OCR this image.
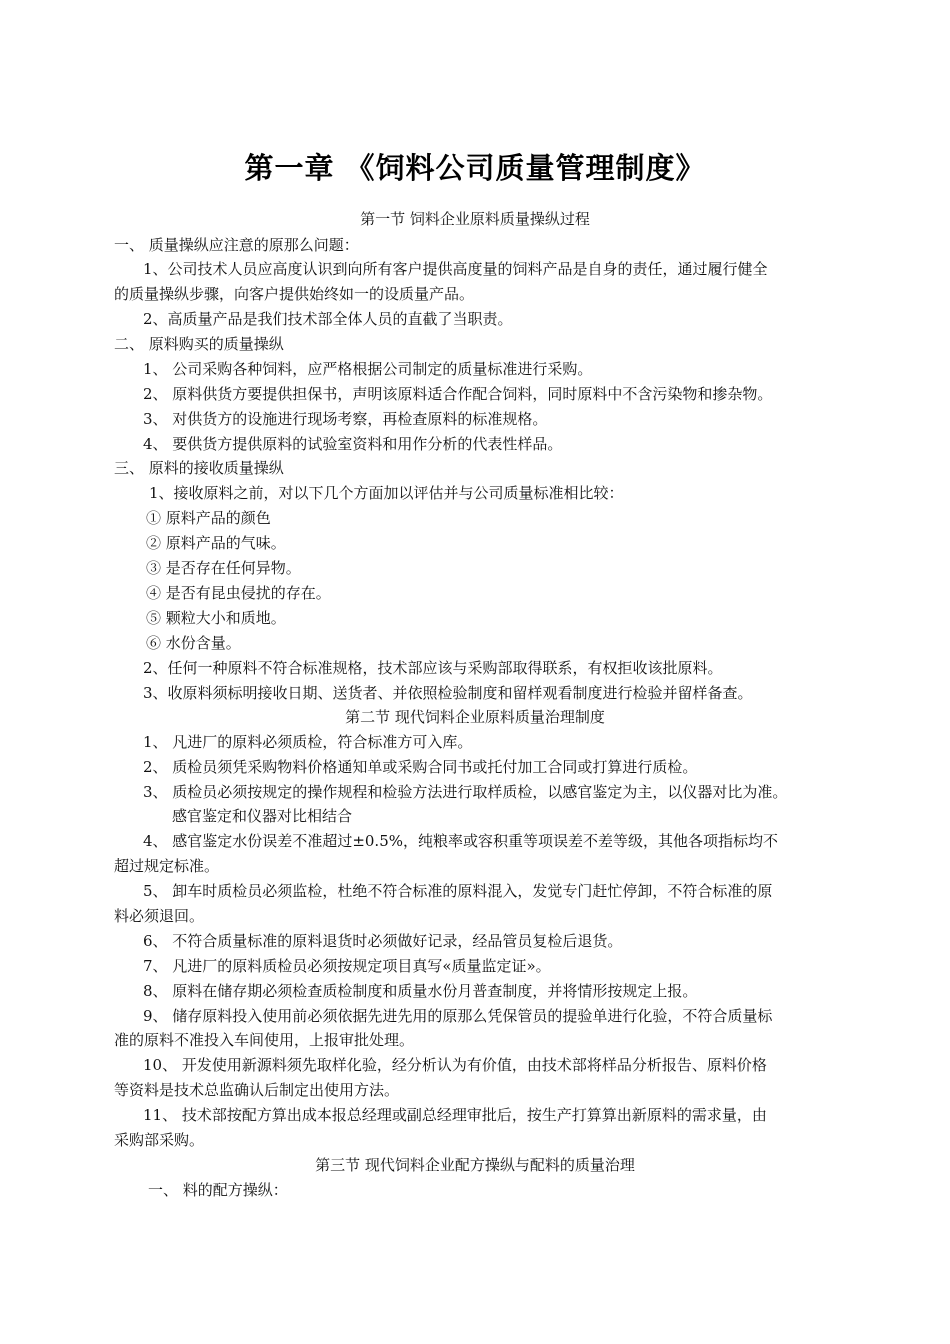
第一章 《饲料公司质量管理制度》
第一节 饲料企业原料质量操纵过程
一、 质量操纵应注意的原那么问题：
1、公司技术人员应高度认识到向所有客户提供高度量的饲料产品是自身的责任，通过履行健全
的质量操纵步骤，向客户提供始终如一的设质量产品。
2、高质量产品是我们技术部全体人员的直截了当职责。
二、 原料购买的质量操纵
1、 公司采购各种饲料，应严格根据公司制定的质量标准进行采购。
2、 原料供货方要提供担保书，声明该原料适合作配合饲料，同时原料中不含污染物和掺杂物。
3、 对供货方的设施进行现场考察，再检查原料的标准规格。
4、 要供货方提供原料的试验室资料和用作分析的代表性样品。
三、 原料的接收质量操纵
1、接收原料之前，对以下几个方面加以评估并与公司质量标准相比较：
① 原料产品的颜色
② 原料产品的气味。
③ 是否存在任何异物。
④ 是否有昆虫侵扰的存在。
⑤ 颗粒大小和质地。
⑥ 水份含量。
2、任何一种原料不符合标准规格，技术部应该与采购部取得联系，有权拒收该批原料。
3、收原料须标明接收日期、送货者、并依照检验制度和留样观看制度进行检验并留样备查。
第二节 现代饲料企业原料质量治理制度
1、 凡进厂的原料必须质检，符合标准方可入库。
2、 质检员须凭采购物料价格通知单或采购合同书或托付加工合同或打算进行质检。
3、 质检员必须按规定的操作规程和检验方法进行取样质检，以感官鉴定为主，以仪器对比为准。
感官鉴定和仪器对比相结合
4、 感官鉴定水份误差不准超过±0.5%，纯粮率或容积重等项误差不差等级，其他各项指标均不
超过规定标准。
5、 卸车时质检员必须监检，杜绝不符合标准的原料混入，发觉专门赶忙停卸，不符合标准的原
料必须退回。
6、 不符合质量标准的原料退货时必须做好记录，经品管员复检后退货。
7、 凡进厂的原料质检员必须按规定项目真写«质量监定证»。
8、 原料在储存期必须检查质检制度和质量水份月普查制度，并将情形按规定上报。
9、 储存原料投入使用前必须依据先进先用的原那么凭保管员的提验单进行化验，不符合质量标
准的原料不准投入车间使用，上报审批处理。
10、 开发使用新源料须先取样化验，经分析认为有价值，由技术部将样品分析报告、原料价格
等资料是技术总监确认后制定出使用方法。
11、 技术部按配方算出成本报总经理或副总经理审批后，按生产打算算出新原料的需求量，由
采购部采购。
第三节 现代饲料企业配方操纵与配料的质量治理
一、 料的配方操纵：
